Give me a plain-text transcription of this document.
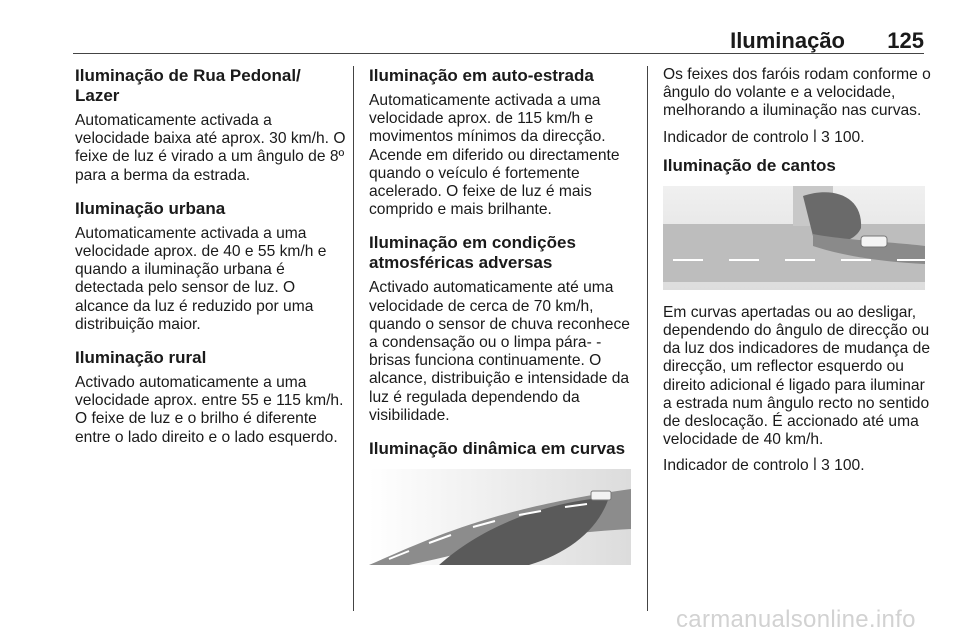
Iluminação 125
Iluminação de Rua Pedonal/ Lazer

Automaticamente activada a velocidade baixa até aprox. 30 km/h. O feixe de luz é virado a um ângulo de 8º para a berma da estrada.

Iluminação urbana

Automaticamente activada a uma velocidade aprox. de 40 e 55 km/h e quando a iluminação urbana é detectada pelo sensor de luz. O alcance da luz é reduzido por uma distribuição maior.

Iluminação rural

Activado automaticamente a uma velocidade aprox. entre 55 e 115 km/h. O feixe de luz e o brilho é diferente entre o lado direito e o lado esquerdo.

Iluminação em auto-estrada

Automaticamente activada a uma velocidade aprox. de 115 km/h e movimentos mínimos da direcção. Acende em diferido ou directamente quando o veículo é fortemente acelerado. O feixe de luz é mais comprido e mais brilhante.

Iluminação em condições atmosféricas adversas

Activado automaticamente até uma velocidade de cerca de 70 km/h, quando o sensor de chuva reconhece a condensação ou o limpa pára- -brisas funciona continuamente. O alcance, distribuição e intensidade da luz é regulada dependendo da visibilidade.

Iluminação dinâmica em curvas

Os feixes dos faróis rodam conforme o ângulo do volante e a velocidade, melhorando a iluminação nas curvas.

Indicador de controlo ꟾ 3 100.

Iluminação de cantos

Em curvas apertadas ou ao desligar, dependendo do ângulo de direcção ou da luz dos indicadores de mudança de direcção, um reflector esquerdo ou direito adicional é ligado para iluminar a estrada num ângulo recto no sentido de deslocação. É accionado até uma velocidade de 40 km/h.

Indicador de controlo ꟾ 3 100.

carmanualsonline.info
